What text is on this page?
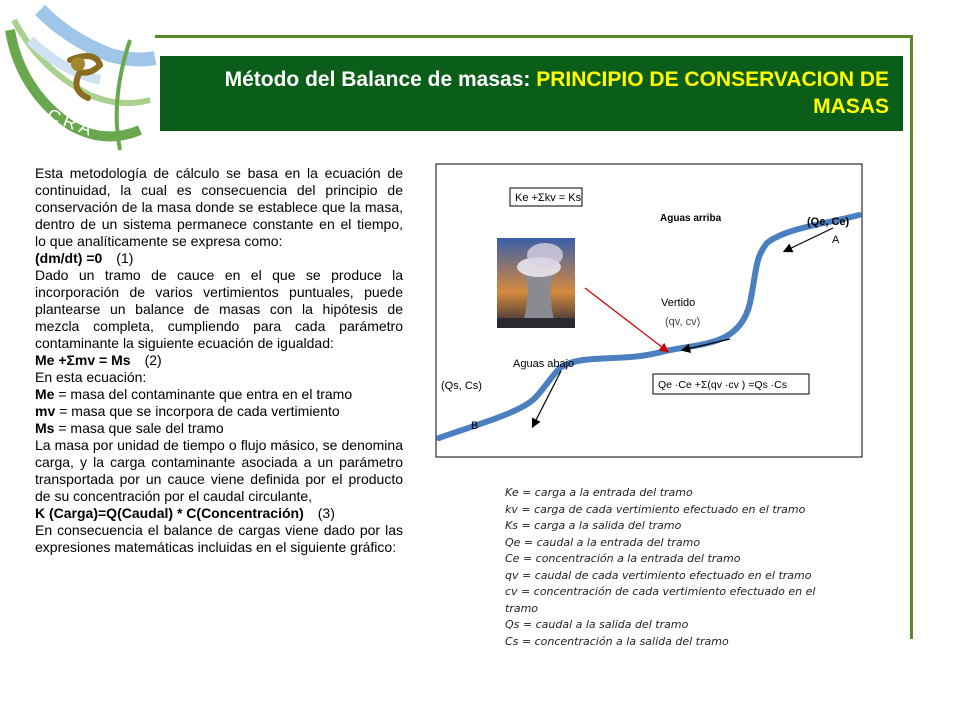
CRA
Método del Balance de masas: PRINCIPIO DE CONSERVACION DE MASAS

Esta metodología de cálculo se basa en la ecuación de continuidad, la cual es consecuencia del principio de conservación de la masa donde se establece que la masa, dentro de un sistema permanece constante en el tiempo, lo que analíticamente se expresa como:

(dm/dt) =0 (1)

Dado un tramo de cauce en el que se produce la incorporación de varios vertimientos puntuales, puede plantearse un balance de masas con la hipótesis de mezcla completa, cumpliendo para cada parámetro contaminante la siguiente ecuación de igualdad:

Me +Σmv = Ms (2)

En esta ecuación:

Me = masa del contaminante que entra en el tramo

mv = masa que se incorpora de cada vertimiento

Ms = masa que sale del tramo

La masa por unidad de tiempo o flujo másico, se denomina carga, y la carga contaminante asociada a un parámetro transportada por un cauce viene definida por el producto de su concentración por el caudal circulante,

K (Carga)=Q(Caudal) * C(Concentración) (3)

En consecuencia el balance de cargas viene dado por las expresiones matemáticas incluidas en el siguiente gráfico:

Ke +Σkv = Ks
Aguas arriba	(Qe, Ce)
A
Vertido
(qv, cv)
Aguas abajo
(Qs, Cs)
B
Qe ·Ce +Σ(qv ·cv ) =Qs ·Cs
Ke = carga a la entrada del tramo
kv = carga de cada vertimiento efectuado en el tramo
Ks = carga a la salida del tramo
Qe = caudal a la entrada del tramo
Ce = concentración a la entrada del tramo
qv = caudal de cada vertimiento efectuado en el tramo
cv = concentración de cada vertimiento efectuado en el tramo
Qs = caudal a la salida del tramo
Cs = concentración a la salida del tramo
